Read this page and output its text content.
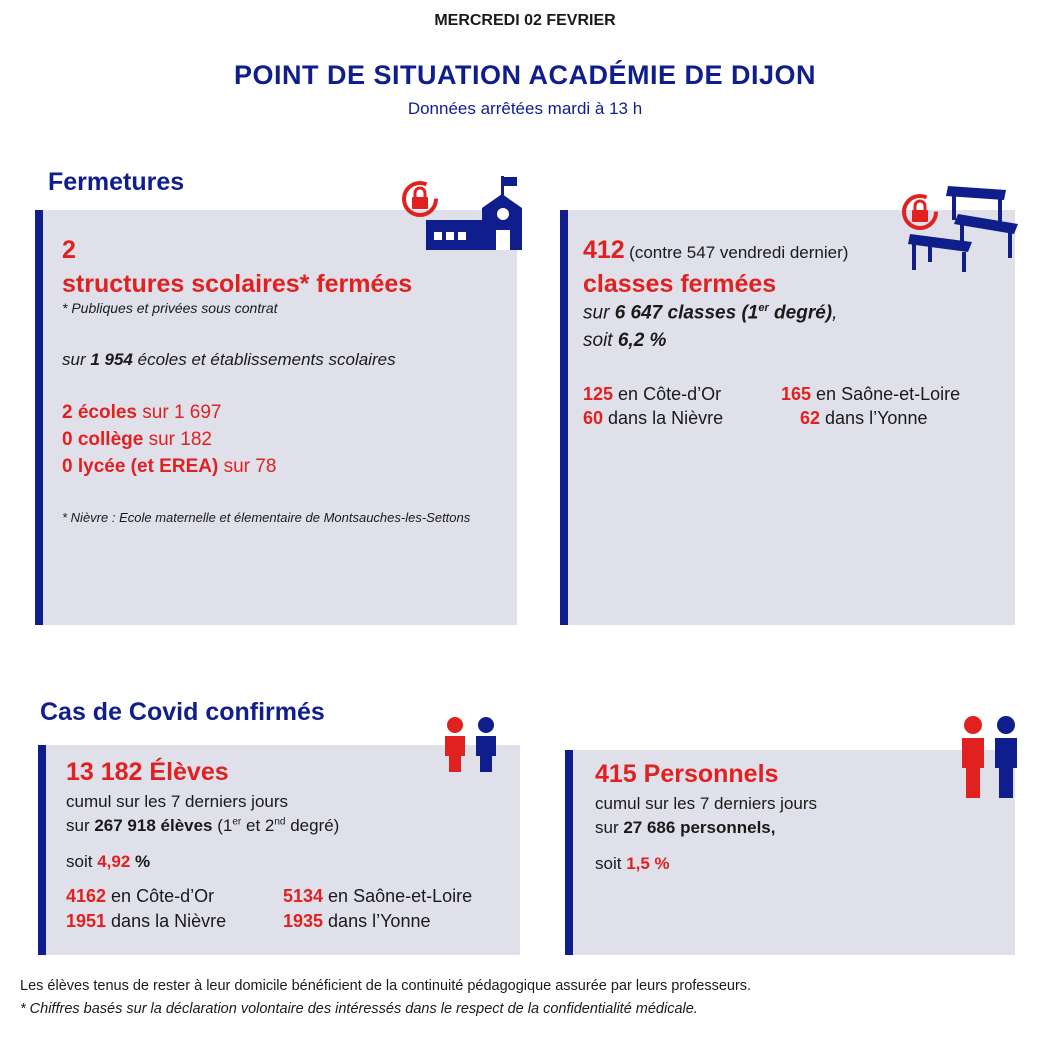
MERCREDI 02 FEVRIER
POINT DE SITUATION ACADÉMIE DE DIJON
Données arrêtées mardi à 13 h
Fermetures
2
structures scolaires* fermées
* Publiques et privées sous contrat
sur 1 954 écoles et établissements scolaires
2 écoles sur 1 697
0 collège sur 182
0 lycée (et EREA) sur 78
* Nièvre : Ecole maternelle et élementaire de Montsauches-les-Settons
412 (contre 547 vendredi dernier)
classes fermées
sur 6 647 classes (1er degré),
soit 6,2 %
125 en Côte-d’Or	165 en Saône-et-Loire
60 dans la Nièvre	62 dans l’Yonne
Cas de Covid confirmés
13 182 Élèves
cumul sur les 7 derniers jours
sur 267 918 élèves (1er et 2nd degré)
soit 4,92 %
4162 en Côte-d’Or	5134 en Saône-et-Loire
1951 dans la Nièvre	1935 dans l’Yonne
415 Personnels
cumul sur les 7 derniers jours
sur 27 686 personnels,
soit 1,5 %
Les élèves tenus de rester à leur domicile bénéficient de la continuité pédagogique assurée par leurs professeurs.
* Chiffres basés sur la déclaration volontaire des intéressés dans le respect de la confidentialité médicale.
